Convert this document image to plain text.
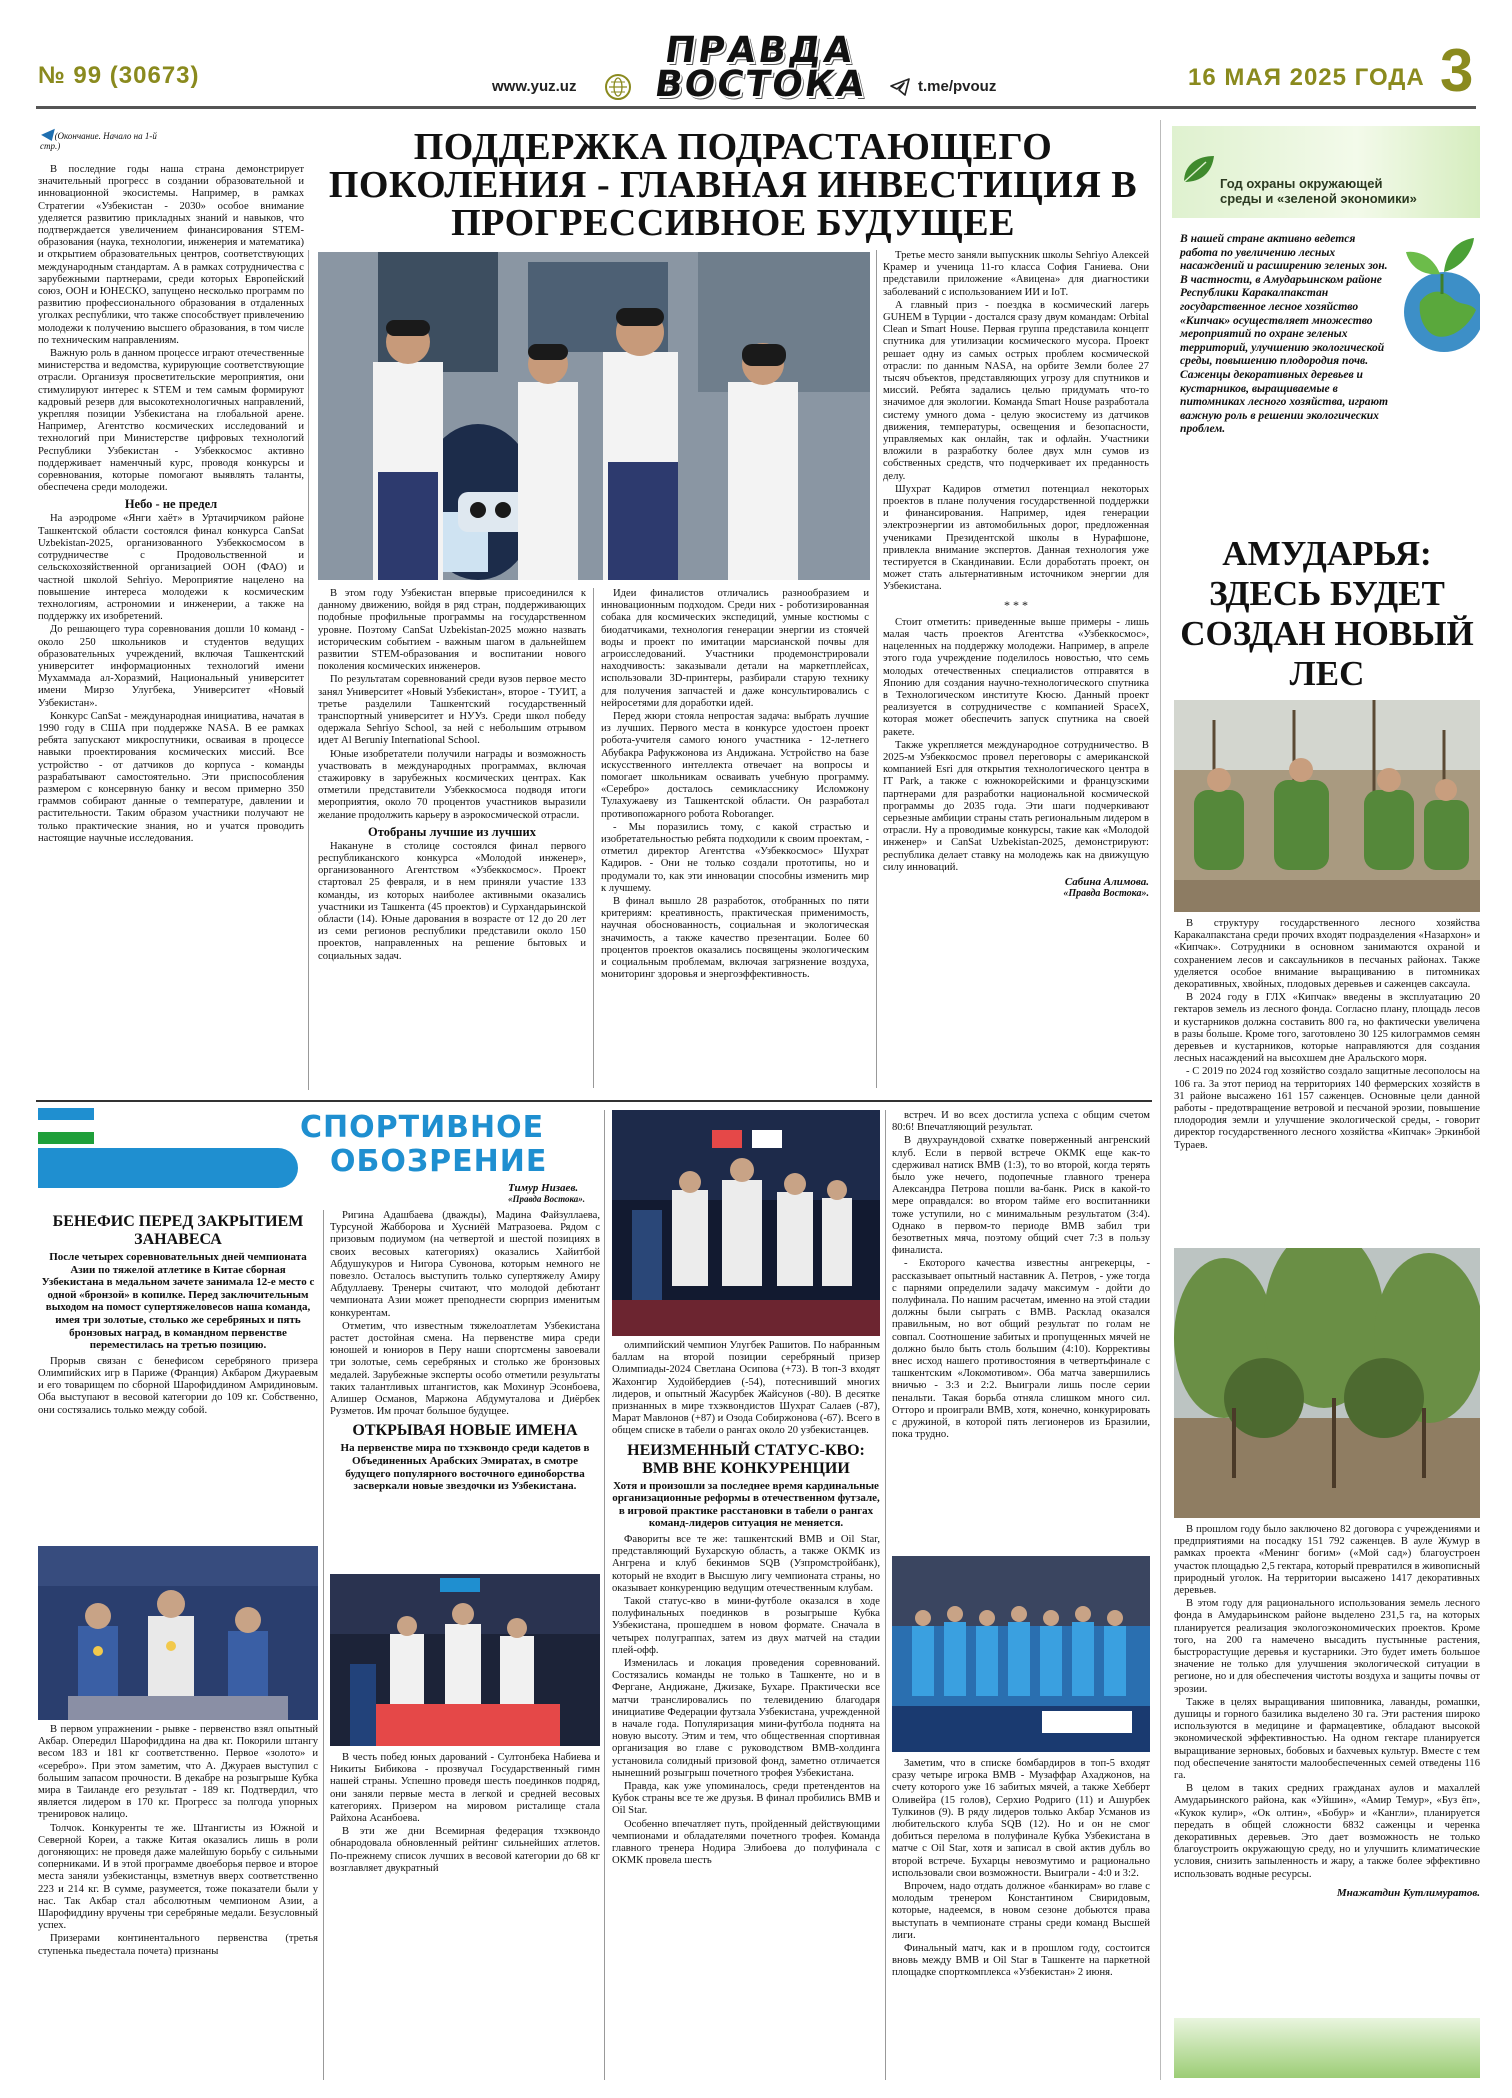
№ 99 (30673)	www.yuz.uz
ПРАВДА
ВОСТОКА	t.me/pvouz	16 МАЯ 2025 ГОДА 3
◀ (Окончание. Начало на 1-й стр.)	ПОДДЕРЖКА ПОДРАСТАЮЩЕГО ПОКОЛЕНИЯ - ГЛАВНАЯ ИНВЕСТИЦИЯ В ПРОГРЕССИВНОЕ БУДУЩЕЕ

В последние годы наша страна демонстрирует значительный прогресс в создании образовательной и инновационной экосистемы. Например, в рамках Стратегии «Узбекистан - 2030» особое внимание уделяется развитию прикладных знаний и навыков, что подтверждается увеличением финансирования STEM-образования (наука, технологии, инженерия и математика) и открытием образовательных центров, соответствующих международным стандартам. А в рамках сотрудничества с зарубежными партнерами, среди которых Европейский союз, ООН и ЮНЕСКО, запущено несколько программ по развитию профессионального образования в отдаленных уголках республики, что также способствует привлечению молодежи к получению высшего образования, в том числе по техническим направлениям.

Важную роль в данном процессе играют отечественные министерства и ведомства, курирующие соответствующие отрасли. Организуя просветительские мероприятия, они стимулируют интерес к STEM и тем самым формируют кадровый резерв для высокотехнологичных направлений, укрепляя позиции Узбекистана на глобальной арене. Например, Агентство космических исследований и технологий при Министерстве цифровых технологий Республики Узбекистан - Узбеккосмос активно поддерживает наменчный курс, проводя конкурсы и соревнования, которые помогают выявлять таланты, обеспечена среди молодежи.

Небо - не предел

На аэродроме «Янги хаёт» в Уртачирчиком районе Ташкентской области состоялся финал конкурса CanSat Uzbekistan-2025, организованного Узбеккосмосом в сотрудничестве с Продовольственной и сельскохозяйственной организацией ООН (ФАО) и частной школой Sehriyo. Мероприятие нацелено на повышение интереса молодежи к космическим технологиям, астрономии и инженерии, а также на поддержку их изобретений.

До решающего тура соревнования дошли 10 команд - около 250 школьников и студентов ведущих образовательных учреждений, включая Ташкентский университет информационных технологий имени Мухаммада ал-Хоразмий, Национальный университет имени Мирзо Улугбека, Университет «Новый Узбекистан».

Конкурс CanSat - международная инициатива, начатая в 1990 году в США при поддержке NASA. В ее рамках ребята запускают микроспутники, осваивая в процессе навыки проектирования космических миссий. Все устройство - от датчиков до корпуса - команды разрабатывают самостоятельно. Эти приспособления размером с консервную банку и весом примерно 350 граммов собирают данные о температуре, давлении и растительности. Таким образом участники получают не только практические знания, но и учатся проводить настоящие научные исследования.

В этом году Узбекистан впервые присоединился к данному движению, войдя в ряд стран, поддерживающих подобные профильные программы на государственном уровне. Поэтому CanSat Uzbekistan-2025 можно назвать историческим событием - важным шагом в дальнейшем развитии STEM-образования и воспитании нового поколения космических инженеров.

По результатам соревнований среди вузов первое место занял Университет «Новый Узбекистан», второе - ТУИТ, а третье разделили Ташкентский государственный транспортный университет и НУУз. Среди школ победу одержала Sehriyo School, за ней с небольшим отрывом идет Al Beruniy International School.

Юные изобретатели получили награды и возможность участвовать в международных программах, включая стажировку в зарубежных космических центрах. Как отметили представители Узбеккосмоса подводя итоги мероприятия, около 70 процентов участников выразили желание продолжить карьеру в аэрокосмической отрасли.

Отобраны лучшие из лучших

Накануне в столице состоялся финал первого республиканского конкурса «Молодой инженер», организованного Агентством «Узбеккосмос». Проект стартовал 25 февраля, и в нем приняли участие 133 команды, из которых наиболее активными оказались участники из Ташкента (45 проектов) и Сурхандарьинской области (14). Юные дарования в возрасте от 12 до 20 лет из семи регионов республики представили около 150 проектов, направленных на решение бытовых и социальных задач.

Идеи финалистов отличались разнообразием и инновационным подходом. Среди них - роботизированная собака для космических экспедиций, умные костюмы с биодатчиками, технология генерации энергии из стоячей воды и проект по имитации марсианской почвы для агроисследований. Участники продемонстрировали находчивость: заказывали детали на маркетплейсах, использовали 3D-принтеры, разбирали старую технику для получения запчастей и даже консультировались с нейросетями для доработки идей.

Перед жюри стояла непростая задача: выбрать лучшие из лучших. Первого места в конкурсе удостоен проект робота-учителя самого юного участника - 12-летнего Абубакра Рафукжонова из Андижана. Устройство на базе искусственного интеллекта отвечает на вопросы и помогает школьникам осваивать учебную программу. «Серебро» досталось семикласснику Исломжону Тулахужаеву из Ташкентской области. Он разработал противопожарного робота Roboranger.

- Мы поразились тому, с какой страстью и изобретательностью ребята подходили к своим проектам, - отметил директор Агентства «Узбеккосмос» Шухрат Кадиров. - Они не только создали прототипы, но и продумали то, как эти инновации способны изменить мир к лучшему.

В финал вышло 28 разработок, отобранных по пяти критериям: креативность, практическая применимость, научная обоснованность, социальная и экологическая значимость, а также качество презентации. Более 60 процентов проектов оказались посвящены экологическим и социальным проблемам, включая загрязнение воздуха, мониторинг здоровья и энергоэффективность.

Третье место заняли выпускник школы Sehriyo Алексей Крамер и ученица 11-го класса София Ганиева. Они представили приложение «Авицена» для диагностики заболеваний с использованием ИИ и IoT.

А главный приз - поездка в космический лагерь GUHEM в Турции - достался сразу двум командам: Orbital Clean и Smart House. Первая группа представила концепт спутника для утилизации космического мусора. Проект решает одну из самых острых проблем космической отрасли: по данным NASA, на орбите Земли более 27 тысяч объектов, представляющих угрозу для спутников и миссий. Ребята задались целью придумать что-то значимое для экологии. Команда Smart House разработала систему умного дома - целую экосистему из датчиков движения, температуры, освещения и безопасности, управляемых как онлайн, так и офлайн. Участники вложили в разработку более двух млн сумов из собственных средств, что подчеркивает их преданность делу.

Шухрат Кадиров отметил потенциал некоторых проектов в плане получения государственной поддержки и финансирования. Например, идея генерации электроэнергии из автомобильных дорог, предложенная учениками Президентской школы в Нурафшоне, привлекла внимание экспертов. Данная технология уже тестируется в Скандинавии. Если доработать проект, он может стать альтернативным источником энергии для Узбекистана.

* * *

Стоит отметить: приведенные выше примеры - лишь малая часть проектов Агентства «Узбеккосмос», нацеленных на поддержку молодежи. Например, в апреле этого года учреждение поделилось новостью, что семь молодых отечественных специалистов отправятся в Японию для создания научно-технологического спутника в Технологическом институте Кюсю. Данный проект реализуется в сотрудничестве с компанией SpaceX, которая может обеспечить запуск спутника на своей ракете.

Также укрепляется международное сотрудничество. В 2025-м Узбеккосмос провел переговоры с американской компанией Esri для открытия технологического центра в IT Park, а также с южнокорейскими и французскими партнерами для разработки национальной космической программы до 2035 года. Эти шаги подчеркивают серьезные амбиции страны стать региональным лидером в отрасли. Ну а проводимые конкурсы, такие как «Молодой инженер» и CanSat Uzbekistan-2025, демонстрируют: республика делает ставку на молодежь как на движущую силу инноваций.

Сабина Алимова.
«Правда Востока».
Год охраны окружающей среды и «зеленой экономики»
В нашей стране активно ведется работа по увеличению лесных насаждений и расширению зеленых зон. В частности, в Амударьинском районе Республики Каракалпакстан государственное лесное хозяйство «Кипчак» осуществляет множество мероприятий по охране зеленых территорий, улучшению экологической среды, повышению плодородия почв. Саженцы декоративных деревьев и кустарников, выращиваемые в питомниках лесного хозяйства, играют важную роль в решении экологических проблем.
АМУДАРЬЯ: ЗДЕСЬ БУДЕТ СОЗДАН НОВЫЙ ЛЕС

В структуру государственного лесного хозяйства Каракалпакстана среди прочих входят подразделения «Назархон» и «Кипчак». Сотрудники в основном занимаются охраной и сохранением лесов и саксаульников в песчаных районах. Также уделяется особое внимание выращиванию в питомниках декоративных, хвойных, плодовых деревьев и саженцев саксаула.

В 2024 году в ГЛХ «Кипчак» введены в эксплуатацию 20 гектаров земель из лесного фонда. Согласно плану, площадь лесов и кустарников должна составить 800 га, но фактически увеличена в разы больше. Кроме того, заготовлено 30 125 килограммов семян деревьев и кустарников, которые направляются для создания лесных насаждений на высохшем дне Аральского моря.

- С 2019 по 2024 год хозяйство создало защитные лесополосы на 106 га. За этот период на территориях 140 фермерских хозяйств в 31 районе высажено 161 157 саженцев. Основные цели данной работы - предотвращение ветровой и песчаной эрозии, повышение плодородия земли и улучшение экологической среды, - говорит директор государственного лесного хозяйства «Кипчак» Эркинбой Тураев.

В прошлом году было заключено 82 договора с учреждениями и предприятиями на посадку 151 792 саженцев. В ауле Жумур в рамках проекта «Менинг богим» («Мой сад») благоустроен участок площадью 2,5 гектара, который превратился в живописный природный уголок. На территории высажено 1417 декоративных деревьев.

В этом году для рационального использования земель лесного фонда в Амударьинском районе выделено 231,5 га, на которых планируется реализация экологоэкономических проектов. Кроме того, на 200 га намечено высадить пустынные растения, быстрорастущие деревья и кустарники. Это будет иметь большое значение не только для улучшения экологической ситуации в регионе, но и для обеспечения чистоты воздуха и защиты почвы от эрозии.

Также в целях выращивания шиповника, лаванды, ромашки, душицы и горного базилика выделено 30 га. Эти растения широко используются в медицине и фармацевтике, обладают высокой экономической эффективностью. На одном гектаре планируется выращивание зерновых, бобовых и бахчевых культур. Вместе с тем под обеспечение занятости малообеспеченных семей отведены 116 га.

В целом в таких средних гражданах аулов и махаллей Амударьинского района, как «Уйшин», «Амир Темур», «Буз ёп», «Кукок кулир», «Ок олтин», «Бобур» и «Кангли», планируется передать в общей сложности 6832 саженцы и черенка декоративных деревьев. Это дает возможность не только благоустроить окружающую среду, но и улучшить климатические условия, снизить запыленность и жару, а также более эффективно использовать водные ресурсы.

Мнажатдин Кутлимуратов.
СПОРТИВНОЕ
ОБОЗРЕНИЕ
Тимур Низаев.
«Правда Востока».
БЕНЕФИС ПЕРЕД ЗАКРЫТИЕМ ЗАНАВЕСА
После четырех соревновательных дней чемпионата Азии по тяжелой атлетике в Китае сборная Узбекистана в медальном зачете занимала 12-е место с одной «бронзой» в копилке. Перед заключительным выходом на помост супертяжеловесов наша команда, имея три золотые, столько же серебряных и пять бронзовых наград, в командном первенстве переместилась на третью позицию.

Прорыв связан с бенефисом серебряного призера Олимпийских игр в Париже (Франция) Акбаром Джураевым и его товарищем по сборной Шарофиддином Амридиновым. Оба выступают в весовой категории до 109 кг. Собственно, они состязались только между собой.

В первом упражнении - рывке - первенство взял опытный Акбар. Опередил Шарофиддина на два кг. Покорили штангу весом 183 и 181 кг соответственно. Первое «золото» и «серебро». При этом заметим, что А. Джураев выступил с большим запасом прочности. В декабре на розыгрыше Кубка мира в Таиланде его результат - 189 кг. Подтвердил, что является лидером в 170 кг. Прогресс за полгода упорных тренировок налицо.

Толчок. Конкуренты те же. Штангисты из Южной и Северной Кореи, а также Китая оказались лишь в роли догоняющих: не проведя даже малейшую борьбу с сильными соперниками. И в этой программе двоеборья первое и второе места заняли узбекистанцы, взметнув вверх соответственно 223 и 214 кг. В сумме, разумеется, тоже показатели были у нас. Так Акбар стал абсолютным чемпионом Азии, а Шарофиддину вручены три серебряные медали. Безусловный успех.

Призерами континентального первенства (третья ступенька пьедестала почета) признаны

Ригина Адашбаева (дважды), Мадина Файзуллаева, Турсуной Жабборова и Хусниёй Матразоева. Рядом с призовым подиумом (на четвертой и шестой позициях в своих весовых категориях) оказались Хайитбой Абдушукуров и Нигора Сувонова, которым немного не повезло. Осталось выступить только супертяжелу Амиру Абдуллаеву. Тренеры считают, что молодой дебютант чемпионата Азии может преподнести сюрприз именитым конкурентам.

Отметим, что известным тяжелоатлетам Узбекистана растет достойная смена. На первенстве мира среди юношей и юниоров в Перу наши спортсмены завоевали три золотые, семь серебряных и столько же бронзовых медалей. Зарубежные эксперты особо отметили результаты таких талантливых штангистов, как Мохинур Эсонбоева, Алишер Османов, Маржона Абдумуталова и Диёрбек Рузметов. Им прочат большое будущее.

ОТКРЫВАЯ НОВЫЕ ИМЕНА
На первенстве мира по тхэквондо среди кадетов в Объединенных Арабских Эмиратах, в смотре будущего популярного восточного единоборства засверкали новые звездочки из Узбекистана.

В честь побед юных дарований - Султонбека Набиева и Никиты Бибикова - прозвучал Государственный гимн нашей страны. Успешно проведя шесть поединков подряд, они заняли первые места в легкой и средней весовых категориях. Призером на мировом ристалище стала Райхона Асанбоева.

В эти же дни Всемирная федерация тхэквондо обнародовала обновленный рейтинг сильнейших атлетов. По-прежнему список лучших в весовой категории до 68 кг возглавляет двукратный

олимпийский чемпион Улугбек Рашитов. По набранным баллам на второй позиции серебряный призер Олимпиады-2024 Светлана Осипова (+73). В топ-3 входят Жахонгир Худойбердиев (-54), потеснивший многих лидеров, и опытный Жасурбек Жайсунов (-80). В десятке признанных в мире тхэквондистов Шухрат Салаев (-87), Марат Мавлонов (+87) и Озода Собиржонова (-67). Всего в общем списке в табели о рангах около 20 узбекистанцев.

НЕИЗМЕННЫЙ СТАТУС-КВО: ВМВ ВНЕ КОНКУРЕНЦИИ
Хотя и произошли за последнее время кардинальные организационные реформы в отечественном футзале, в игровой практике расстановки в табели о рангах команд-лидеров ситуация не меняется.

Фавориты все те же: ташкентский ВМВ и Oil Star, представляющий Бухарскую область, а также ОКМК из Ангрена и клуб бекинмов SQB (Узпромстройбанк), который не входит в Высшую лигу чемпионата страны, но оказывает конкуренцию ведущим отечественным клубам.

Такой статус-кво в мини-футболе оказался в ходе полуфинальных поединков в розыгрыше Кубка Узбекистана, прошедшем в новом формате. Сначала в четырех полуграппах, затем из двух матчей на стадии плей-офф.

Изменилась и локация проведения соревнований. Состязались команды не только в Ташкенте, но и в Фергане, Андижане, Джизаке, Бухаре. Практически все матчи транслировались по телевидению благодаря инициативе Федерации футзала Узбекистана, учрежденной в начале года. Популяризация мини-футбола поднята на новую высоту. Этим и тем, что общественная спортивная организация во главе с руководством ВМВ-холдинга установила солидный призовой фонд, заметно отличается нынешний розыгрыш почетного трофея Узбекистана.

Правда, как уже упоминалось, среди претендентов на Кубок страны все те же друзья. В финал пробились ВМВ и Oil Star.

Особенно впечатляет путь, пройденный действующими чемпионами и обладателями почетного трофея. Команда главного тренера Нодира Элибоева до полуфинала с ОКМК провела шесть

встреч. И во всех достигла успеха с общим счетом 80:6! Впечатляющий результат.

В двухраундовой схватке поверженный ангренский клуб. Если в первой встрече ОКМК еще как-то сдерживал натиск ВМВ (1:3), то во второй, когда терять было уже нечего, подопечные главного тренера Александра Петрова пошли ва-банк. Риск в какой-то мере оправдался: во втором тайме его воспитанники тоже уступили, но с минимальным результатом (3:4). Однако в первом-то периоде ВМВ забил три безответных мяча, поэтому общий счет 7:3 в пользу финалиста.

- Екоторого качества известны ангрекерцы, - рассказывает опытный наставник А. Петров, - уже тогда с парнями определили задачу максимум - дойти до полуфинала. По нашим расчетам, именно на этой стадии должны были сыграть с ВМВ. Расклад оказался правильным, но вот общий результат по голам не совпал. Соотношение забитых и пропущенных мячей не должно было быть столь большим (4:10). Коррективы внес исход нашего противостояния в четвертьфинале с ташкентским «Локомотивом». Оба матча завершились вничью - 3:3 и 2:2. Выиграли лишь после серии пенальти. Такая борьба отняла слишком много сил. Отторо и проиграли ВМВ, хотя, конечно, конкурировать с дружиной, в которой пять легионеров из Бразилии, пока трудно.

Заметим, что в списке бомбардиров в топ-5 входят сразу четыре игрока ВМВ - Музаффар Ахаджонов, на счету которого уже 16 забитых мячей, а также Хебберт Оливейра (15 голов), Серхио Родриго (11) и Ашурбек Тулкинов (9). В ряду лидеров только Акбар Усманов из любительского клуба SQB (12). Но и он не смог добиться перелома в полуфинале Кубка Узбекистана в матче с Oil Star, хотя и записал в свой актив дубль во второй встрече. Бухарцы невозмутимо и рационально использовали свои возможности. Выиграли - 4:0 и 3:2.

Впрочем, надо отдать должное «банкирам» во главе с молодым тренером Константином Свиридовым, которые, надеемся, в новом сезоне добьются права выступать в чемпионате страны среди команд Высшей лиги.

Финальный матч, как и в прошлом году, состоится вновь между ВМВ и Oil Star в Ташкенте на паркетной площадке спорткомплекса «Узбекистан» 2 июня.
